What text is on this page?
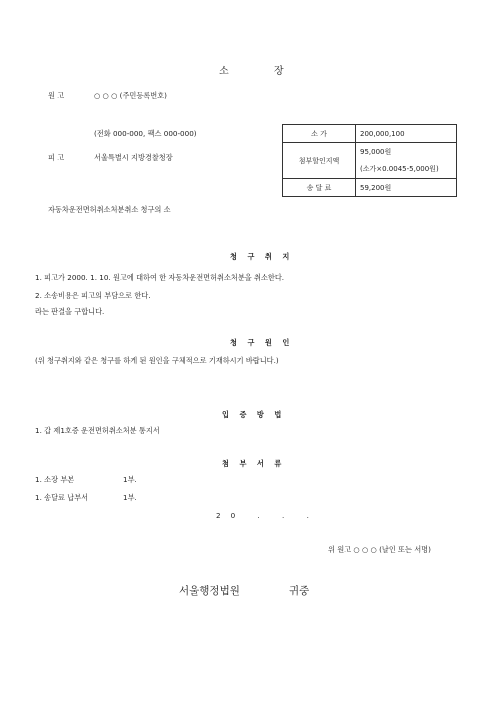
소	장
원 고	○ ○ ○ (주민등록번호)
(전화 000-000, 팩스 000-000)
피 고	서울특별시 지방경찰청장
소 가	200,000,100
첨부할인지액	95,000원
	(소가×0.0045-5,000원)
송 달 료	59,200원
자동차운전면허취소처분취소 청구의 소
청 구 취 지
1. 피고가 2000. 1. 10. 원고에 대하여 한 자동차운전면허취소처분을 취소한다.
2. 소송비용은 피고의 부담으로 한다.
라는 판결을 구합니다.
청 구 원 인
(위 청구취지와 같은 청구를 하게 된 원인을 구체적으로 기재하시기 바랍니다.)
입 증 방 법
1. 갑 제1호증 운전면허취소처분 통지서
첨 부 서 류
1. 소장 부본	1부.
1. 송달료 납부서	1부.
20 . . .
위 원고 ○ ○ ○ (날인 또는 서명)
서울행정법원	귀중
